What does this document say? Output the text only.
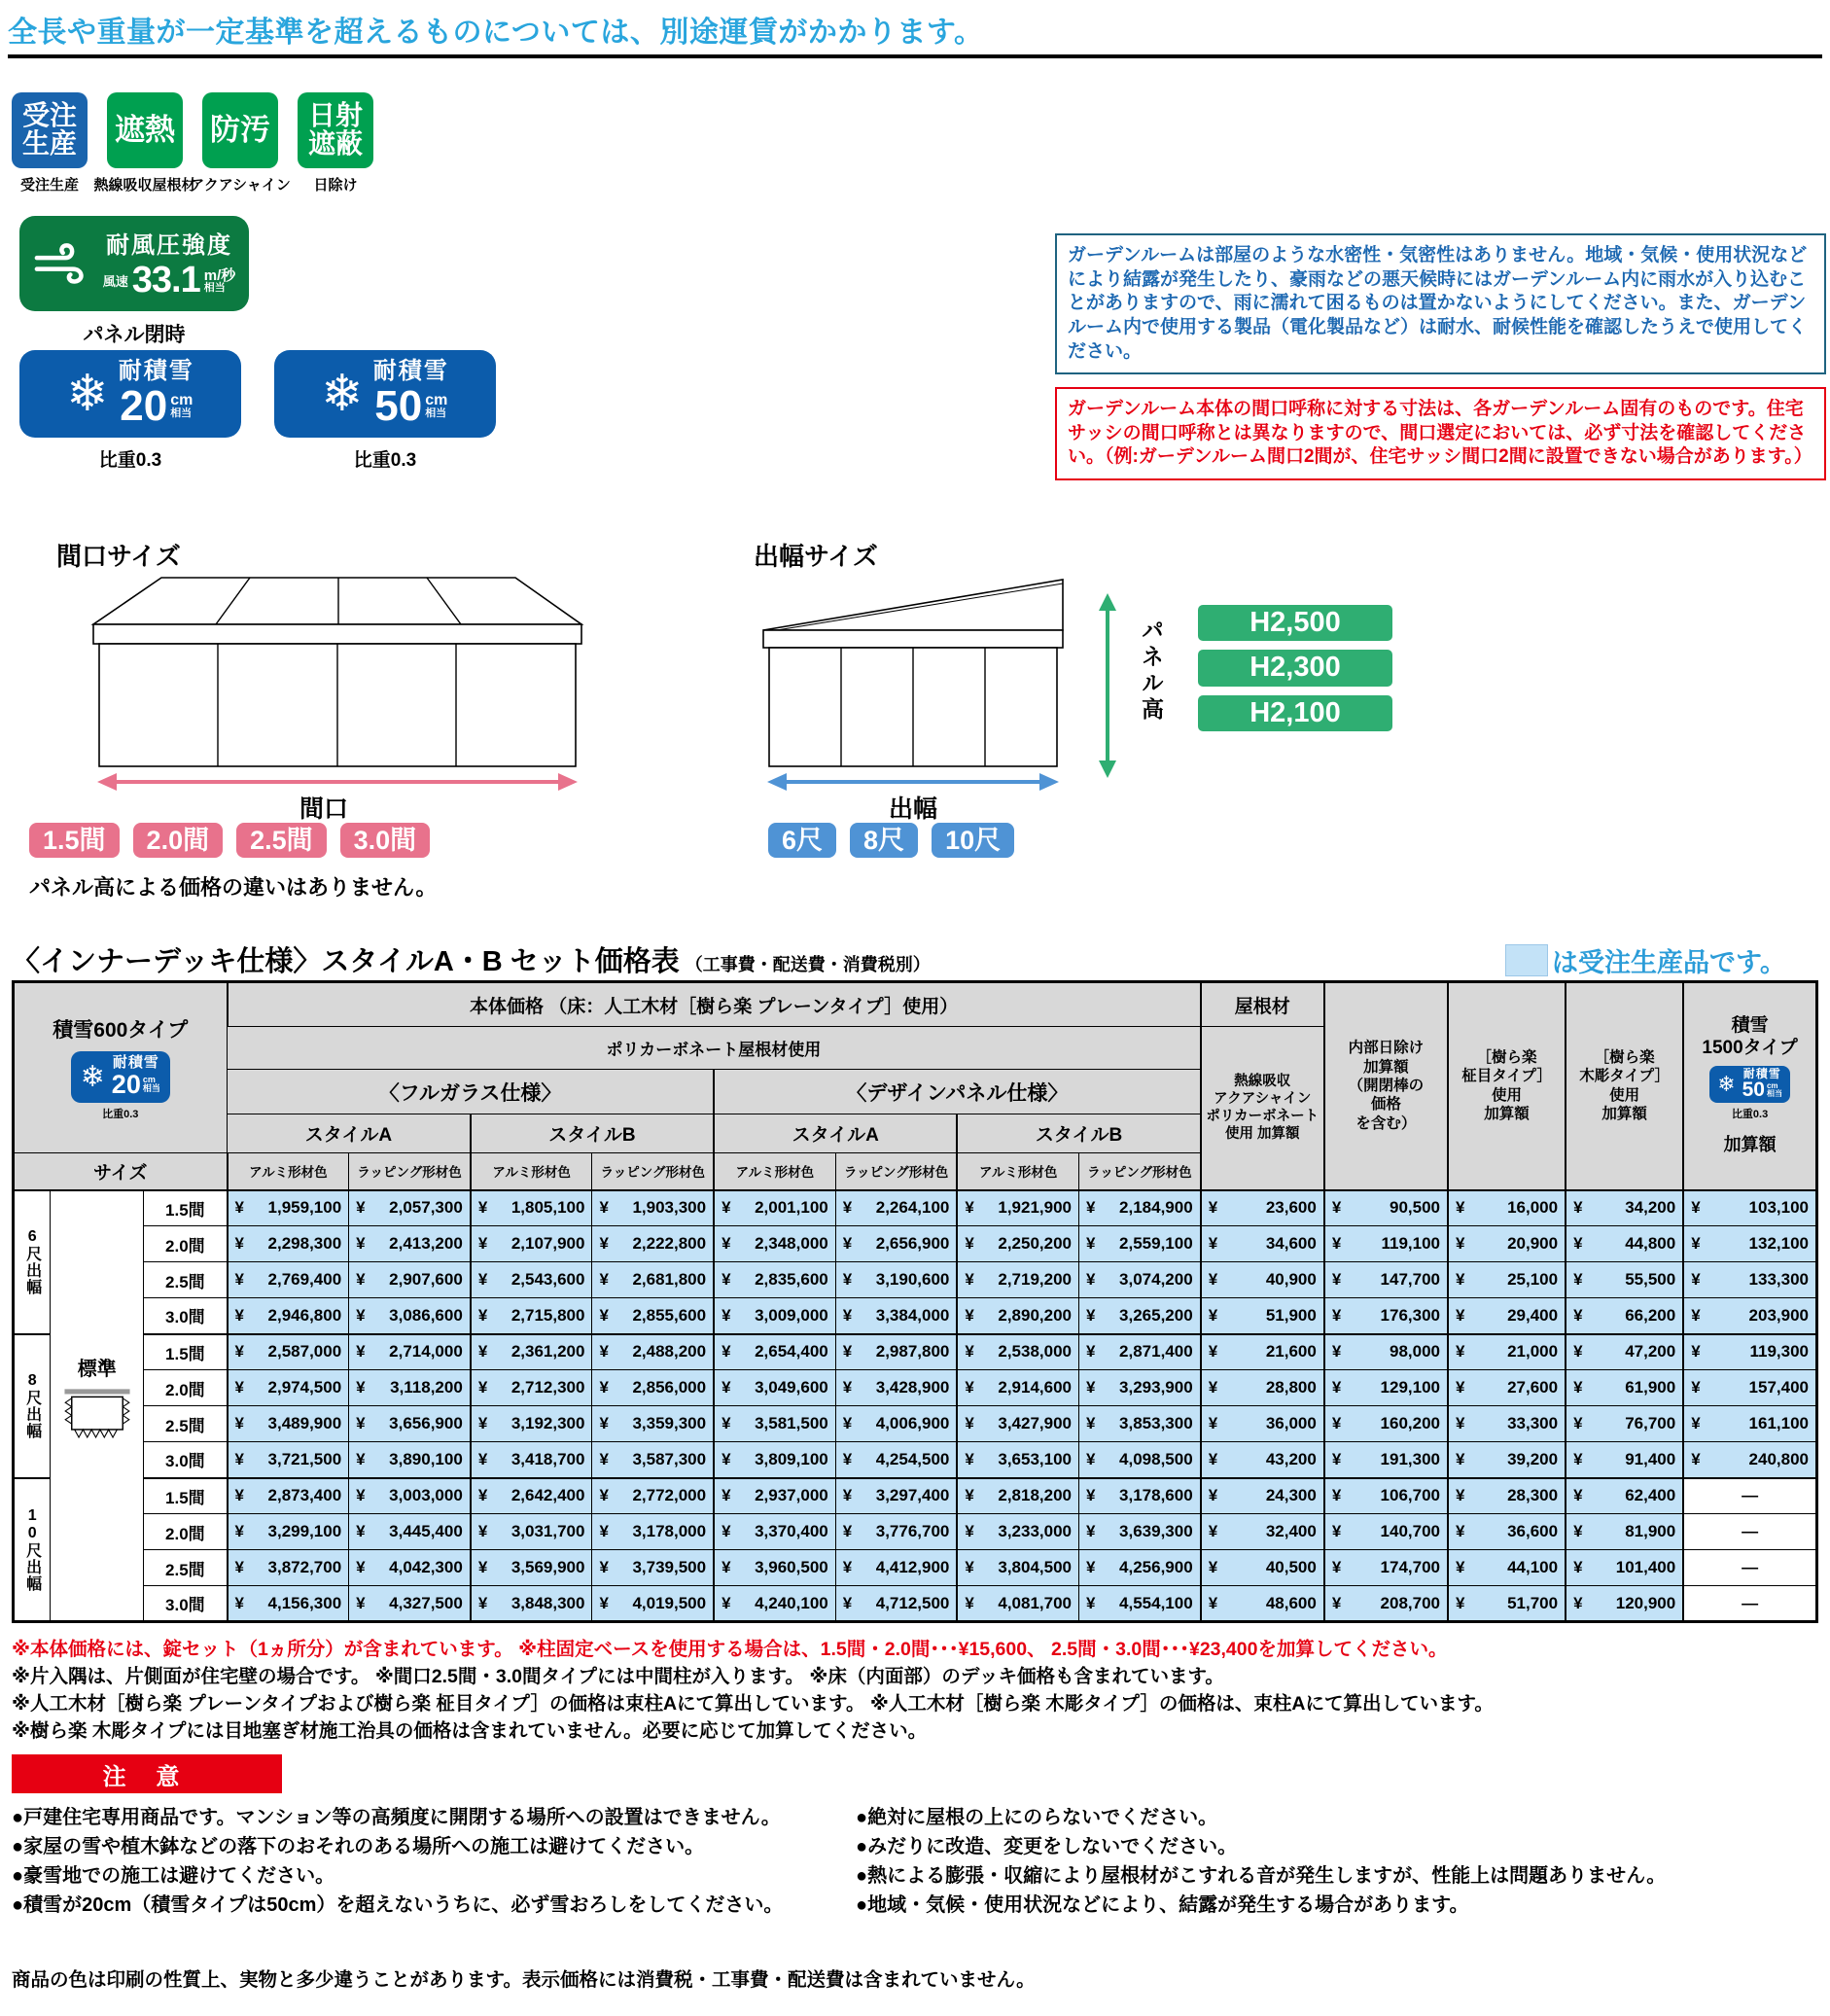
全長や重量が一定基準を超えるものについては、別途運賃がかかります。
受注
生産
受注生産
遮熱
熱線吸収屋根材
防汚
アクアシャイン
日射
遮蔽
日除け
耐風圧強度
風速 33.1 m/秒
相当
パネル閉時
❄ 耐積雪
20 cm
相当
比重0.3
❄ 耐積雪
50 cm
相当
比重0.3
ガーデンルームは部屋のような水密性・気密性はありません。地域・気候・使用状況などにより結露が発生したり、豪雨などの悪天候時にはガーデンルーム内に雨水が入り込むことがありますので、雨に濡れて困るものは置かないようにしてください。また、ガーデンルーム内で使用する製品（電化製品など）は耐水、耐候性能を確認したうえで使用してください。
ガーデンルーム本体の間口呼称に対する寸法は、各ガーデンルーム固有のものです。住宅サッシの間口呼称とは異なりますので、間口選定においては、必ず寸法を確認してください。（例:ガーデンルーム間口2間が、住宅サッシ間口2間に設置できない場合があります。）
間口サイズ	出幅サイズ
パネル高	H2,500
H2,300
H2,100
間口	出幅
1.5間	2.0間	2.5間	3.0間	6尺	8尺	10尺
パネル高による価格の違いはありません。
〈インナーデッキ仕様〉スタイルA・B セット価格表 （工事費・配送費・消費税別）	は受注生産品です。
積雪600タイプ
❄ 耐積雪
20 cm
相当
比重0.3
	本体価格 （床：人工木材［樹ら楽 プレーンタイプ］使用）	屋根材	
内部日除け
加算額
（開閉棒の
価格
を含む）

［樹ら楽
柾目タイプ］
使用
加算額

［樹ら楽
木彫タイプ］
使用
加算額

積雪
1500タイプ
❄ 耐積雪
50 cm
相当
比重0.3
加算額

			ポリカーボネート屋根材使用								熱線吸収
アクアシャイン
ポリカーボネート
使用 加算額				

			〈フルガラス仕様〉				〈デザインパネル仕様〉								
			スタイルA		スタイルB		スタイルA		スタイルB						
サイズ			アルミ形材色	ラッピング形材色	アルミ形材色	ラッピング形材色	アルミ形材色	ラッピング形材色	アルミ形材色	ラッピング形材色					

6尺出幅	標準	1.5間	¥ 1,959,100	¥ 2,057,300	¥ 1,805,100	¥ 1,903,300	¥ 2,001,100	¥ 2,264,100	¥ 1,921,900	¥ 2,184,900	¥ 23,600	¥ 90,500	¥ 16,000	¥ 34,200	¥ 103,100

		2.0間	¥ 2,298,300	¥ 2,413,200	¥ 2,107,900	¥ 2,222,800	¥ 2,348,000	¥ 2,656,900	¥ 2,250,200	¥ 2,559,100	¥ 34,600	¥ 119,100	¥ 20,900	¥ 44,800	¥ 132,100

		2.5間	¥ 2,769,400	¥ 2,907,600	¥ 2,543,600	¥ 2,681,800	¥ 2,835,600	¥ 3,190,600	¥ 2,719,200	¥ 3,074,200	¥ 40,900	¥ 147,700	¥ 25,100	¥ 55,500	¥ 133,300

		3.0間	¥ 2,946,800	¥ 3,086,600	¥ 2,715,800	¥ 2,855,600	¥ 3,009,000	¥ 3,384,000	¥ 2,890,200	¥ 3,265,200	¥ 51,900	¥ 176,300	¥ 29,400	¥ 66,200	¥ 203,900

8尺出幅		1.5間	¥ 2,587,000	¥ 2,714,000	¥ 2,361,200	¥ 2,488,200	¥ 2,654,400	¥ 2,987,800	¥ 2,538,000	¥ 2,871,400	¥ 21,600	¥ 98,000	¥ 21,000	¥ 47,200	¥ 119,300

		2.0間	¥ 2,974,500	¥ 3,118,200	¥ 2,712,300	¥ 2,856,000	¥ 3,049,600	¥ 3,428,900	¥ 2,914,600	¥ 3,293,900	¥ 28,800	¥ 129,100	¥ 27,600	¥ 61,900	¥ 157,400

		2.5間	¥ 3,489,900	¥ 3,656,900	¥ 3,192,300	¥ 3,359,300	¥ 3,581,500	¥ 4,006,900	¥ 3,427,900	¥ 3,853,300	¥ 36,000	¥ 160,200	¥ 33,300	¥ 76,700	¥ 161,100

		3.0間	¥ 3,721,500	¥ 3,890,100	¥ 3,418,700	¥ 3,587,300	¥ 3,809,100	¥ 4,254,500	¥ 3,653,100	¥ 4,098,500	¥ 43,200	¥ 191,300	¥ 39,200	¥ 91,400	¥ 240,800

10尺出幅		1.5間	¥ 2,873,400	¥ 3,003,000	¥ 2,642,400	¥ 2,772,000	¥ 2,937,000	¥ 3,297,400	¥ 2,818,200	¥ 3,178,600	¥ 24,300	¥ 106,700	¥ 28,300	¥ 62,400	—
		2.0間	¥ 3,299,100	¥ 3,445,400	¥ 3,031,700	¥ 3,178,000	¥ 3,370,400	¥ 3,776,700	¥ 3,233,000	¥ 3,639,300	¥ 32,400	¥ 140,700	¥ 36,600	¥ 81,900	—
		2.5間	¥ 3,872,700	¥ 4,042,300	¥ 3,569,900	¥ 3,739,500	¥ 3,960,500	¥ 4,412,900	¥ 3,804,500	¥ 4,256,900	¥ 40,500	¥ 174,700	¥ 44,100	¥ 101,400	—
		3.0間	¥ 4,156,300	¥ 4,327,500	¥ 3,848,300	¥ 4,019,500	¥ 4,240,100	¥ 4,712,500	¥ 4,081,700	¥ 4,554,100	¥ 48,600	¥ 208,700	¥ 51,700	¥ 120,900	—
※本体価格には、錠セット（1ヵ所分）が含まれています。 ※柱固定ベースを使用する場合は、1.5間・2.0間･･･¥15,600、 2.5間・3.0間･･･¥23,400を加算してください。
※片入隅は、片側面が住宅壁の場合です。 ※間口2.5間・3.0間タイプには中間柱が入ります。 ※床（内面部）のデッキ価格も含まれています。
※人工木材［樹ら楽 プレーンタイプおよび樹ら楽 柾目タイプ］の価格は束柱Aにて算出しています。 ※人工木材［樹ら楽 木彫タイプ］の価格は、束柱Aにて算出しています。
※樹ら楽 木彫タイプには目地塞ぎ材施工治具の価格は含まれていません。必要に応じて加算してください。
注 意
●戸建住宅専用商品です。マンション等の高頻度に開閉する場所への設置はできません。
●家屋の雪や植木鉢などの落下のおそれのある場所への施工は避けてください。
●豪雪地での施工は避けてください。
●積雪が20cm（積雪タイプは50cm）を超えないうちに、必ず雪おろしをしてください。
●絶対に屋根の上にのらないでください。
●みだりに改造、変更をしないでください。
●熱による膨張・収縮により屋根材がこすれる音が発生しますが、性能上は問題ありません。
●地域・気候・使用状況などにより、結露が発生する場合があります。
商品の色は印刷の性質上、実物と多少違うことがあります。表示価格には消費税・工事費・配送費は含まれていません。
